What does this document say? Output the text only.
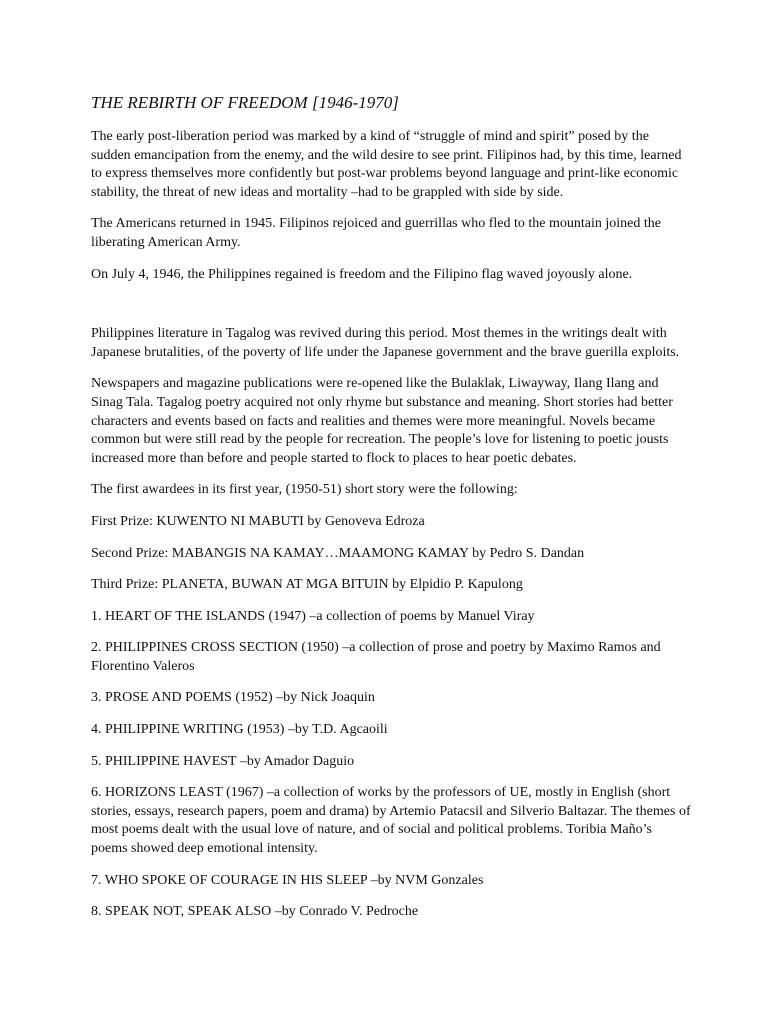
THE REBIRTH OF FREEDOM [1946-1970]

The early post-liberation period was marked by a kind of “struggle of mind and spirit” posed by the sudden emancipation from the enemy, and the wild desire to see print. Filipinos had, by this time, learned to express themselves more confidently but post-war problems beyond language and print-like economic stability, the threat of new ideas and mortality –had to be grappled with side by side.

The Americans returned in 1945. Filipinos rejoiced and guerrillas who fled to the mountain joined the liberating American Army.

On July 4, 1946, the Philippines regained is freedom and the Filipino flag waved joyously alone.

Philippines literature in Tagalog was revived during this period. Most themes in the writings dealt with Japanese brutalities, of the poverty of life under the Japanese government and the brave guerilla exploits.

Newspapers and magazine publications were re-opened like the Bulaklak, Liwayway, Ilang Ilang and Sinag Tala. Tagalog poetry acquired not only rhyme but substance and meaning. Short stories had better characters and events based on facts and realities and themes were more meaningful. Novels became common but were still read by the people for recreation. The people’s love for listening to poetic jousts increased more than before and people started to flock to places to hear poetic debates.

The first awardees in its first year, (1950-51) short story were the following:

First Prize: KUWENTO NI MABUTI by Genoveva Edroza

Second Prize: MABANGIS NA KAMAY…MAAMONG KAMAY by Pedro S. Dandan

Third Prize: PLANETA, BUWAN AT MGA BITUIN by Elpidio P. Kapulong

1. HEART OF THE ISLANDS (1947) –a collection of poems by Manuel Viray

2. PHILIPPINES CROSS SECTION (1950) –a collection of prose and poetry by Maximo Ramos and Florentino Valeros

3. PROSE AND POEMS (1952) –by Nick Joaquin

4. PHILIPPINE WRITING (1953) –by T.D. Agcaoili

5. PHILIPPINE HAVEST –by Amador Daguio

6. HORIZONS LEAST (1967) –a collection of works by the professors of UE, mostly in English (short stories, essays, research papers, poem and drama) by Artemio Patacsil and Silverio Baltazar. The themes of most poems dealt with the usual love of nature, and of social and political problems. Toribia Maño’s poems showed deep emotional intensity.

7. WHO SPOKE OF COURAGE IN HIS SLEEP –by NVM Gonzales

8. SPEAK NOT, SPEAK ALSO –by Conrado V. Pedroche
